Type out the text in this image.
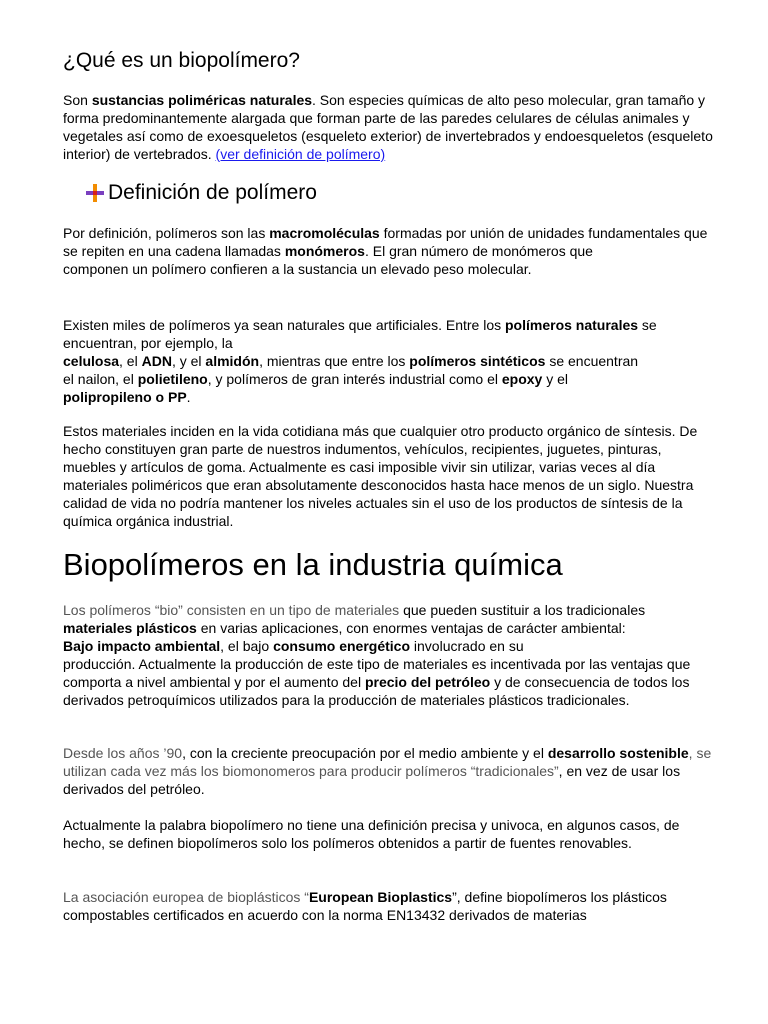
¿Qué es un biopolímero?

Son sustancias poliméricas naturales. Son especies químicas de alto peso molecular, gran tamaño y forma predominantemente alargada que forman parte de las paredes celulares de células animales y vegetales así como de exoesqueletos (esqueleto exterior) de invertebrados y endoesqueletos (esqueleto interior) de vertebrados. (ver definición de polímero)

Definición de polímero

Por definición, polímeros son las macromoléculas formadas por unión de unidades fundamentales que se repiten en una cadena llamadas monómeros. El gran número de monómeros que
componen un polímero confieren a la sustancia un elevado peso molecular.

Existen miles de polímeros ya sean naturales que artificiales. Entre los polímeros naturales se encuentran, por ejemplo, la
celulosa, el ADN, y el almidón, mientras que entre los polímeros sintéticos se encuentran
el nailon, el polietileno, y polímeros de gran interés industrial como el epoxy y el
polipropileno o PP.

Estos materiales inciden en la vida cotidiana más que cualquier otro producto orgánico de síntesis. De hecho constituyen gran parte de nuestros indumentos, vehículos, recipientes, juguetes, pinturas, muebles y artículos de goma. Actualmente es casi imposible vivir sin utilizar, varias veces al día materiales poliméricos que eran absolutamente desconocidos hasta hace menos de un siglo. Nuestra calidad de vida no podría mantener los niveles actuales sin el uso de los productos de síntesis de la química orgánica industrial.

Biopolímeros en la industria química

Los polímeros “bio” consisten en un tipo de materiales que pueden sustituir a los tradicionales materiales plásticos en varias aplicaciones, con enormes ventajas de carácter ambiental:
Bajo impacto ambiental, el bajo consumo energético involucrado en su
producción. Actualmente la producción de este tipo de materiales es incentivada por las ventajas que comporta a nivel ambiental y por el aumento del precio del petróleo y de consecuencia de todos los derivados petroquímicos utilizados para la producción de materiales plásticos tradicionales.

Desde los años ’90, con la creciente preocupación por el medio ambiente y el desarrollo sostenible, se utilizan cada vez más los biomonomeros para producir polímeros “tradicionales”, en vez de usar los derivados del petróleo.

Actualmente la palabra biopolímero no tiene una definición precisa y univoca, en algunos casos, de hecho, se definen biopolímeros solo los polímeros obtenidos a partir de fuentes renovables.

La asociación europea de bioplásticos “European Bioplastics”, define biopolímeros los plásticos compostables certificados en acuerdo con la norma EN13432 derivados de materias
